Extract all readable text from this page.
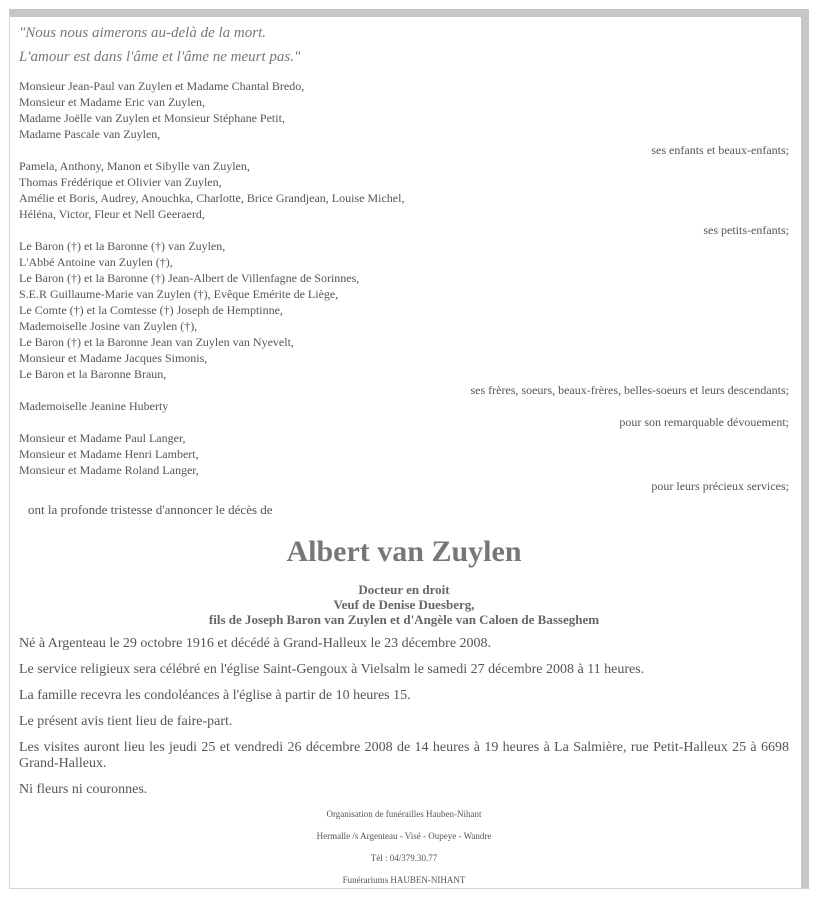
"Nous nous aimerons au-delà de la mort.
L'amour est dans l'âme et l'âme ne meurt pas."
Monsieur Jean-Paul van Zuylen et Madame Chantal Bredo,
Monsieur et Madame Eric van Zuylen,
Madame Joëlle van Zuylen et Monsieur Stéphane Petit,
Madame Pascale van Zuylen,
ses enfants et beaux-enfants;
Pamela, Anthony, Manon et Sibylle van Zuylen,
Thomas Frédérique et Olivier van Zuylen,
Amélie et Boris, Audrey, Anouchka, Charlotte, Brice Grandjean, Louise Michel,
Héléna, Victor, Fleur et Nell Geeraerd,
ses petits-enfants;
Le Baron (†) et la Baronne (†) van Zuylen,
L'Abbé Antoine van Zuylen (†),
Le Baron (†) et la Baronne (†) Jean-Albert de Villenfagne de Sorinnes,
S.E.R Guillaume-Marie van Zuylen (†), Evêque Emérite de Liège,
Le Comte (†) et la Comtesse (†) Joseph de Hemptinne,
Mademoiselle Josine van Zuylen (†),
Le Baron (†) et la Baronne Jean van Zuylen van Nyevelt,
Monsieur et Madame Jacques Simonis,
Le Baron et la Baronne Braun,
ses frères, soeurs, beaux-frères, belles-soeurs et leurs descendants;
Mademoiselle Jeanine Huberty
pour son remarquable dévouement;
Monsieur et Madame Paul Langer,
Monsieur et Madame Henri Lambert,
Monsieur et Madame Roland Langer,
pour leurs précieux services;
ont la profonde tristesse d'annoncer le décès de
Albert van Zuylen
Docteur en droit
Veuf de Denise Duesberg,
fils de Joseph Baron van Zuylen et d'Angèle van Caloen de Basseghem

Né à Argenteau le 29 octobre 1916 et décédé à Grand-Halleux le 23 décembre 2008.

Le service religieux sera célébré en l'église Saint-Gengoux à Vielsalm le samedi 27 décembre 2008 à 11 heures.

La famille recevra les condoléances à l'église à partir de 10 heures 15.

Le présent avis tient lieu de faire-part.

Les visites auront lieu les jeudi 25 et vendredi 26 décembre 2008 de 14 heures à 19 heures à La Salmière, rue Petit-Halleux 25 à 6698 Grand-Halleux.

Ni fleurs ni couronnes.

Organisation de funérailles Hauben-Nihant
Hermalle /s Argenteau - Visé - Oupeye - Wandre
Tél : 04/379.30.77
Funérariums HAUBEN-NIHANT
